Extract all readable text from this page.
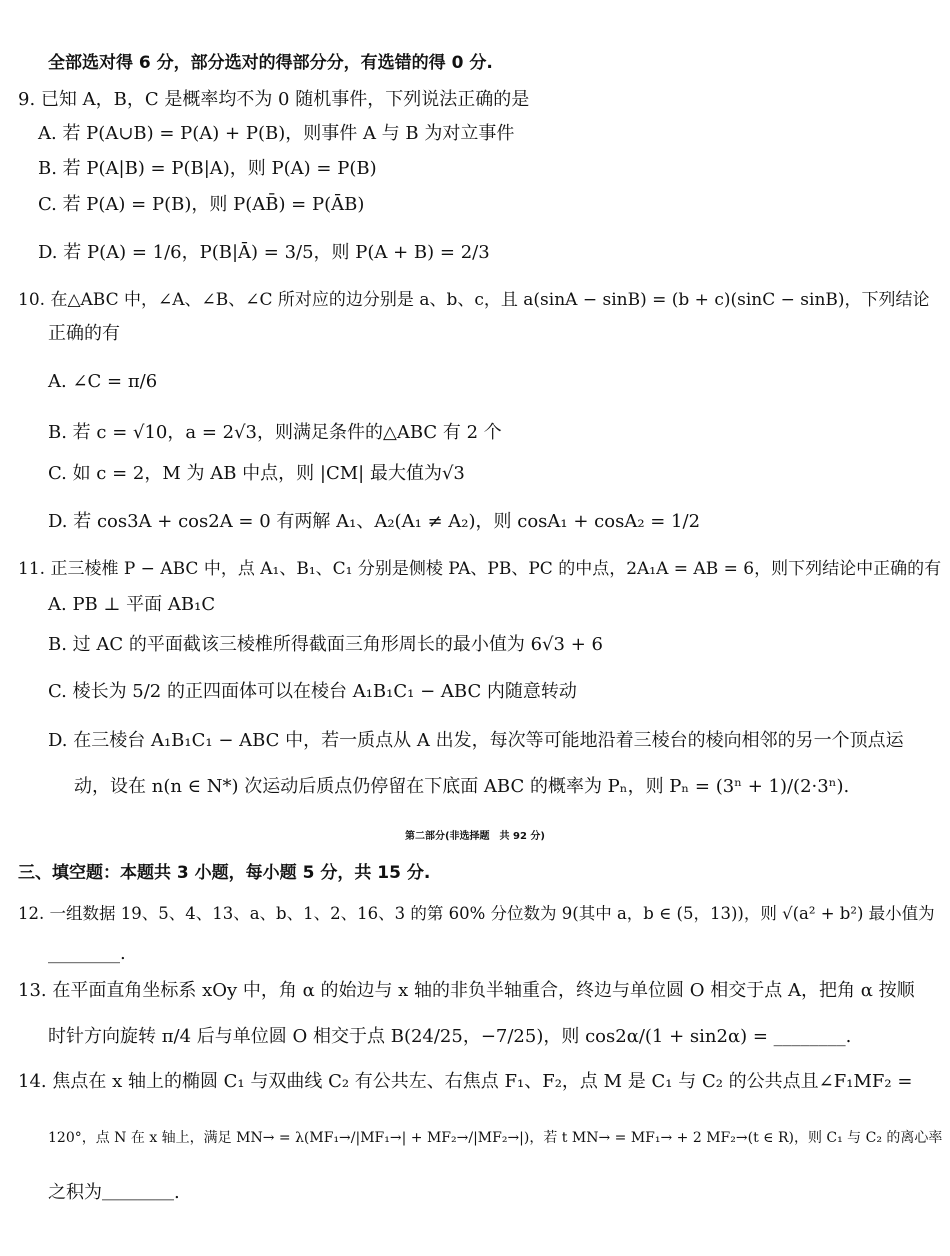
全部选对得 6 分，部分选对的得部分分，有选错的得 0 分.
9. 已知 A，B，C 是概率均不为 0 随机事件，下列说法正确的是
A. 若 P(A∪B) = P(A) + P(B)，则事件 A 与 B 为对立事件
B. 若 P(A|B) = P(B|A)，则 P(A) = P(B)
C. 若 P(A) = P(B)，则 P(AB̄) = P(ĀB)
D. 若 P(A) = 1/6，P(B|Ā) = 3/5，则 P(A + B) = 2/3
10. 在△ABC 中，∠A、∠B、∠C 所对应的边分别是 a、b、c，且 a(sinA − sinB) = (b + c)(sinC − sinB)，下列结论
正确的有
A. ∠C = π/6
B. 若 c = √10，a = 2√3，则满足条件的△ABC 有 2 个
C. 如 c = 2，M 为 AB 中点，则 |CM| 最大值为√3
D. 若 cos3A + cos2A = 0 有两解 A₁、A₂(A₁ ≠ A₂)，则 cosA₁ + cosA₂ = 1/2
11. 正三棱椎 P − ABC 中，点 A₁、B₁、C₁ 分别是侧棱 PA、PB、PC 的中点，2A₁A = AB = 6，则下列结论中正确的有
A. PB ⊥ 平面 AB₁C
B. 过 AC 的平面截该三棱椎所得截面三角形周长的最小值为 6√3 + 6
C. 棱长为 5/2 的正四面体可以在棱台 A₁B₁C₁ − ABC 内随意转动
D. 在三棱台 A₁B₁C₁ − ABC 中，若一质点从 A 出发，每次等可能地沿着三棱台的棱向相邻的另一个顶点运
动，设在 n(n ∈ N*) 次运动后质点仍停留在下底面 ABC 的概率为 Pₙ，则 Pₙ = (3ⁿ + 1)/(2·3ⁿ).
第二部分(非选择题　共 92 分)
三、填空题：本题共 3 小题，每小题 5 分，共 15 分.
12. 一组数据 19、5、4、13、a、b、1、2、16、3 的第 60% 分位数为 9(其中 a，b ∈ (5，13))，则 √(a² + b²) 最小值为
________.
13. 在平面直角坐标系 xOy 中，角 α 的始边与 x 轴的非负半轴重合，终边与单位圆 O 相交于点 A，把角 α 按顺
时针方向旋转 π/4 后与单位圆 O 相交于点 B(24/25，−7/25)，则 cos2α/(1 + sin2α) = ________.
14. 焦点在 x 轴上的椭圆 C₁ 与双曲线 C₂ 有公共左、右焦点 F₁、F₂，点 M 是 C₁ 与 C₂ 的公共点且∠F₁MF₂ =
120°，点 N 在 x 轴上，满足 MN→ = λ(MF₁→/|MF₁→| + MF₂→/|MF₂→|)，若 t MN→ = MF₁→ + 2 MF₂→(t ∈ R)，则 C₁ 与 C₂ 的离心率
之积为＿＿＿＿.
